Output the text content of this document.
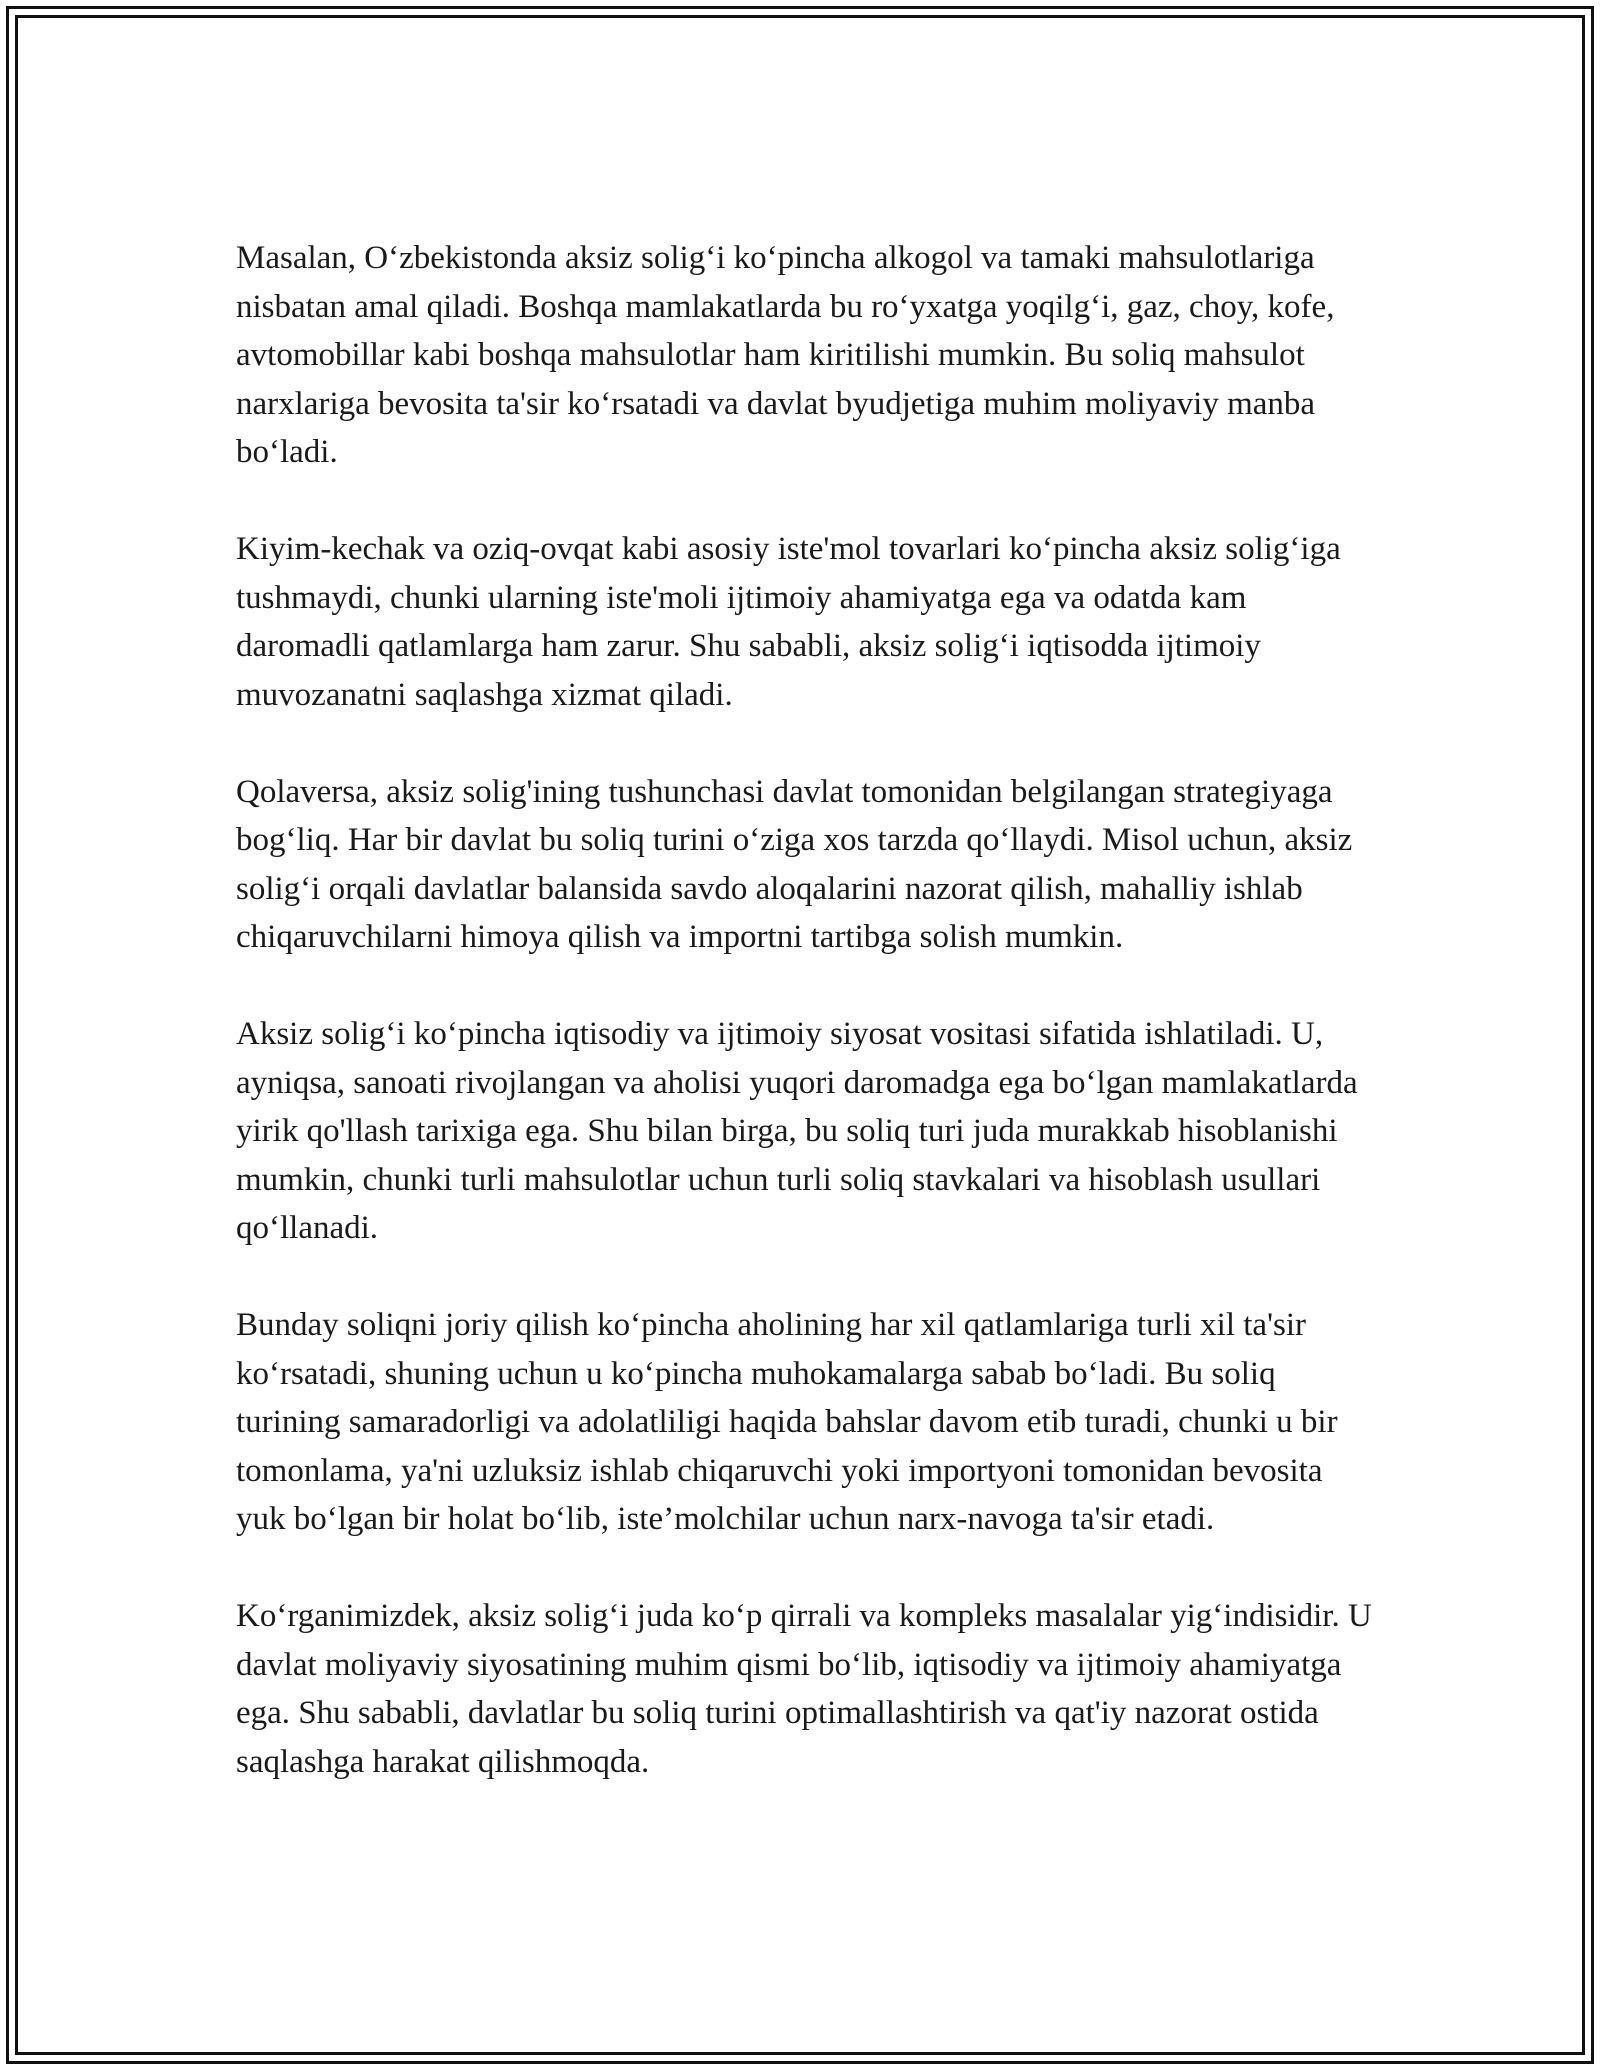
Masalan, O‘zbekistonda aksiz solig‘i ko‘pincha alkogol va tamaki mahsulotlariga nisbatan amal qiladi. Boshqa mamlakatlarda bu ro‘yxatga yoqilg‘i, gaz, choy, kofe, avtomobillar kabi boshqa mahsulotlar ham kiritilishi mumkin. Bu soliq mahsulot narxlariga bevosita ta'sir ko‘rsatadi va davlat byudjetiga muhim moliyaviy manba bo‘ladi.

Kiyim-kechak va oziq-ovqat kabi asosiy iste'mol tovarlari ko‘pincha aksiz solig‘iga tushmaydi, chunki ularning iste'moli ijtimoiy ahamiyatga ega va odatda kam daromadli qatlamlarga ham zarur. Shu sababli, aksiz solig‘i iqtisodda ijtimoiy muvozanatni saqlashga xizmat qiladi.

Qolaversa, aksiz solig'ining tushunchasi davlat tomonidan belgilangan strategiyaga bog‘liq. Har bir davlat bu soliq turini o‘ziga xos tarzda qo‘llaydi. Misol uchun, aksiz solig‘i orqali davlatlar balansida savdo aloqalarini nazorat qilish, mahalliy ishlab chiqaruvchilarni himoya qilish va importni tartibga solish mumkin.

Aksiz solig‘i ko‘pincha iqtisodiy va ijtimoiy siyosat vositasi sifatida ishlatiladi. U, ayniqsa, sanoati rivojlangan va aholisi yuqori daromadga ega bo‘lgan mamlakatlarda yirik qo'llash tarixiga ega. Shu bilan birga, bu soliq turi juda murakkab hisoblanishi mumkin, chunki turli mahsulotlar uchun turli soliq stavkalari va hisoblash usullari qo‘llanadi.

Bunday soliqni joriy qilish ko‘pincha aholining har xil qatlamlariga turli xil ta'sir ko‘rsatadi, shuning uchun u ko‘pincha muhokamalarga sabab bo‘ladi. Bu soliq turining samaradorligi va adolatliligi haqida bahslar davom etib turadi, chunki u bir tomonlama, ya'ni uzluksiz ishlab chiqaruvchi yoki importyoni tomonidan bevosita yuk bo‘lgan bir holat bo‘lib, iste’molchilar uchun narx-navoga ta'sir etadi.

Ko‘rganimizdek, aksiz solig‘i juda ko‘p qirrali va kompleks masalalar yig‘indisidir. U davlat moliyaviy siyosatining muhim qismi bo‘lib, iqtisodiy va ijtimoiy ahamiyatga ega. Shu sababli, davlatlar bu soliq turini optimallashtirish va qat'iy nazorat ostida saqlashga harakat qilishmoqda.
